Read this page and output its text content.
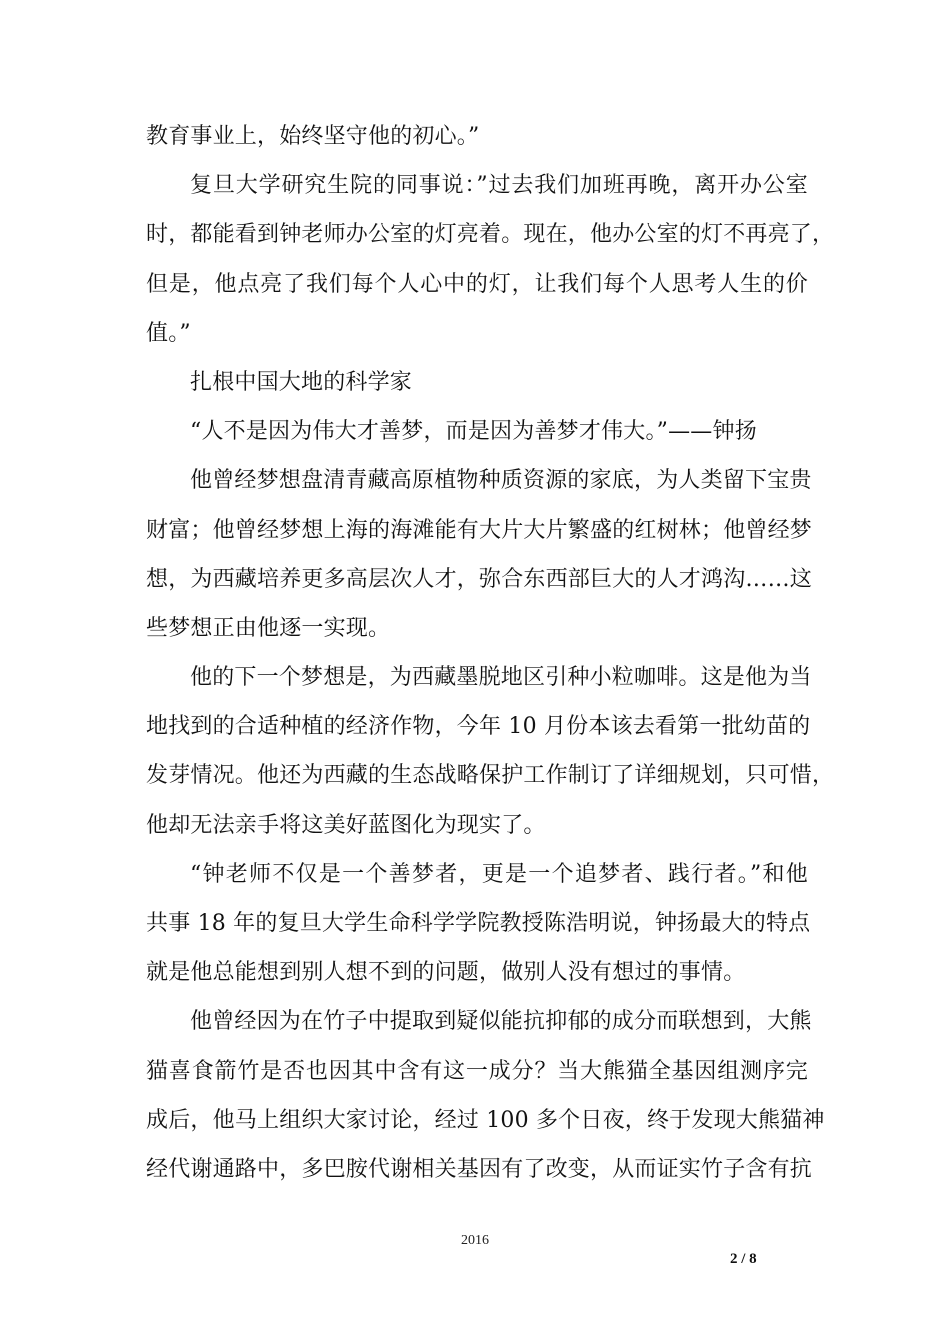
教育事业上，始终坚守他的初心。”
复旦大学研究生院的同事说：”过去我们加班再晚，离开办公室
时，都能看到钟老师办公室的灯亮着。现在，他办公室的灯不再亮了，
但是，他点亮了我们每个人心中的灯，让我们每个人思考人生的价
值。”
扎根中国大地的科学家
“人不是因为伟大才善梦，而是因为善梦才伟大。”——钟扬
他曾经梦想盘清青藏高原植物种质资源的家底，为人类留下宝贵
财富；他曾经梦想上海的海滩能有大片大片繁盛的红树林；他曾经梦
想，为西藏培养更多高层次人才，弥合东西部巨大的人才鸿沟……这
些梦想正由他逐一实现。
他的下一个梦想是，为西藏墨脱地区引种小粒咖啡。这是他为当
地找到的合适种植的经济作物，今年 10 月份本该去看第一批幼苗的
发芽情况。他还为西藏的生态战略保护工作制订了详细规划，只可惜，
他却无法亲手将这美好蓝图化为现实了。
“钟老师不仅是一个善梦者，更是一个追梦者、践行者。”和他
共事 18 年的复旦大学生命科学学院教授陈浩明说，钟扬最大的特点
就是他总能想到别人想不到的问题，做别人没有想过的事情。
他曾经因为在竹子中提取到疑似能抗抑郁的成分而联想到，大熊
猫喜食箭竹是否也因其中含有这一成分？当大熊猫全基因组测序完
成后，他马上组织大家讨论，经过 100 多个日夜，终于发现大熊猫神
经代谢通路中，多巴胺代谢相关基因有了改变，从而证实竹子含有抗
2016
2 / 8
